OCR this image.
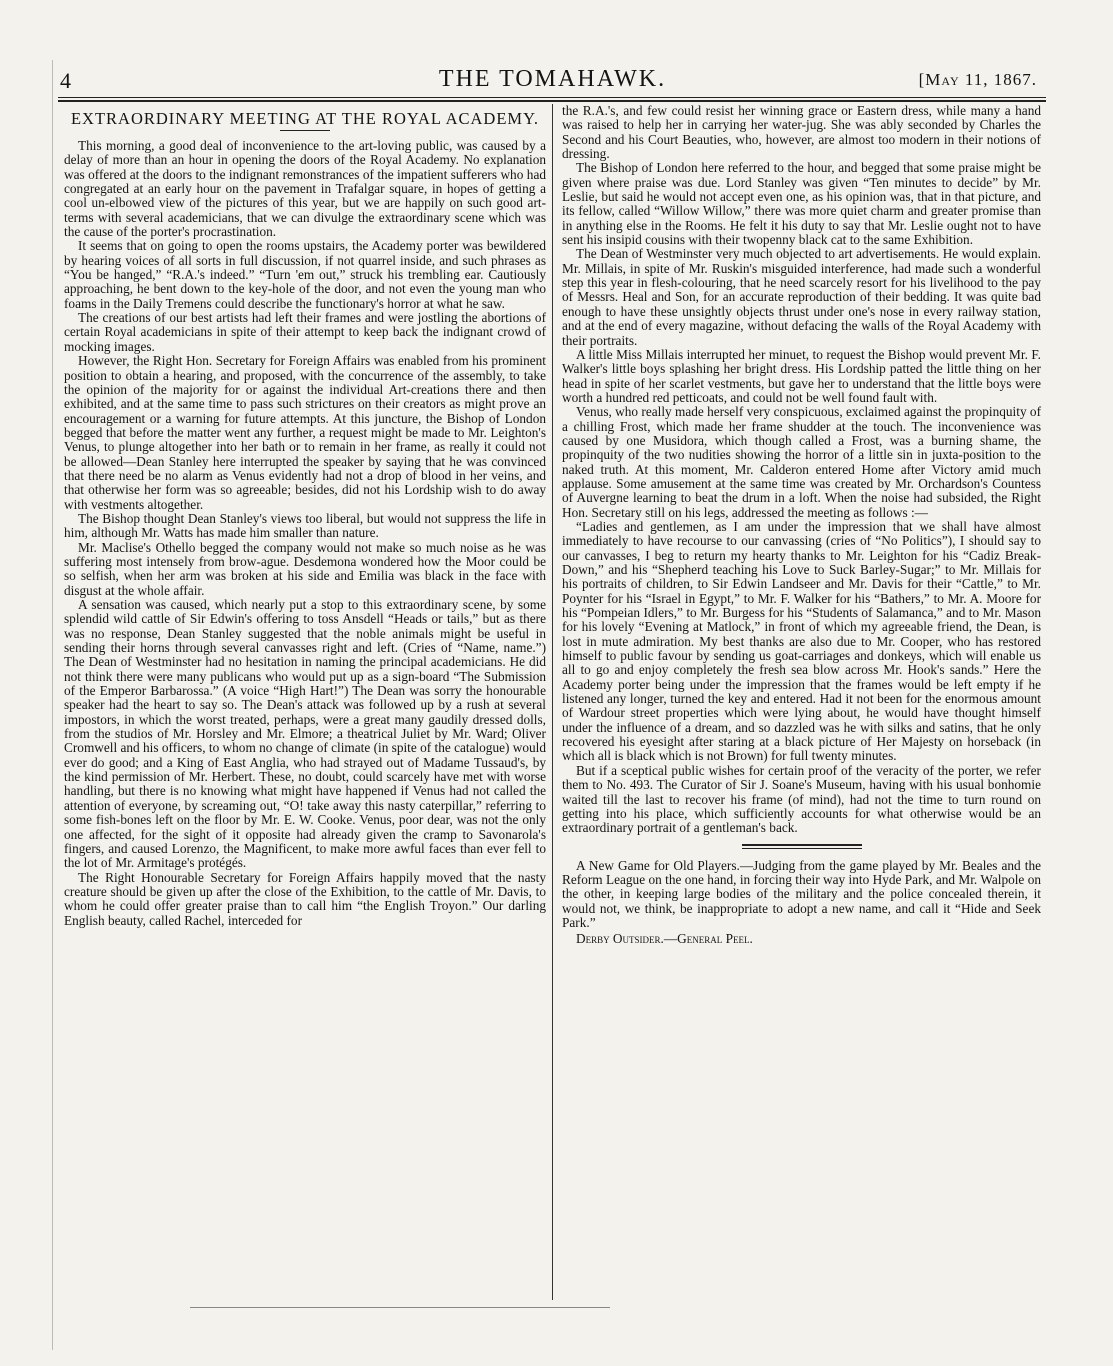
4	THE TOMAHAWK.	[May 11, 1867.
EXTRAORDINARY MEETING AT THE ROYAL ACADEMY.

This morning, a good deal of inconvenience to the art-loving public, was caused by a delay of more than an hour in opening the doors of the Royal Academy. No explanation was offered at the doors to the indignant remonstrances of the impatient sufferers who had congregated at an early hour on the pavement in Trafalgar square, in hopes of getting a cool un-elbowed view of the pictures of this year, but we are happily on such good art-terms with several academicians, that we can divulge the extraordinary scene which was the cause of the porter's procrastination.

It seems that on going to open the rooms upstairs, the Academy porter was bewildered by hearing voices of all sorts in full discussion, if not quarrel inside, and such phrases as “You be hanged,” “R.A.'s indeed.” “Turn 'em out,” struck his trembling ear. Cautiously approaching, he bent down to the key-hole of the door, and not even the young man who foams in the Daily Tremens could describe the functionary's horror at what he saw.

The creations of our best artists had left their frames and were jostling the abortions of certain Royal academicians in spite of their attempt to keep back the indignant crowd of mocking images.

However, the Right Hon. Secretary for Foreign Affairs was enabled from his prominent position to obtain a hearing, and proposed, with the concurrence of the assembly, to take the opinion of the majority for or against the individual Art-creations there and then exhibited, and at the same time to pass such strictures on their creators as might prove an encouragement or a warning for future attempts. At this juncture, the Bishop of London begged that before the matter went any further, a request might be made to Mr. Leighton's Venus, to plunge altogether into her bath or to remain in her frame, as really it could not be allowed—Dean Stanley here interrupted the speaker by saying that he was convinced that there need be no alarm as Venus evidently had not a drop of blood in her veins, and that otherwise her form was so agreeable; besides, did not his Lordship wish to do away with vestments altogether.

The Bishop thought Dean Stanley's views too liberal, but would not suppress the life in him, although Mr. Watts has made him smaller than nature.

Mr. Maclise's Othello begged the company would not make so much noise as he was suffering most intensely from brow-ague. Desdemona wondered how the Moor could be so selfish, when her arm was broken at his side and Emilia was black in the face with disgust at the whole affair.

A sensation was caused, which nearly put a stop to this extraordinary scene, by some splendid wild cattle of Sir Edwin's offering to toss Ansdell “Heads or tails,” but as there was no response, Dean Stanley suggested that the noble animals might be useful in sending their horns through several canvasses right and left. (Cries of “Name, name.”) The Dean of Westminster had no hesitation in naming the principal academicians. He did not think there were many publicans who would put up as a sign-board “The Submission of the Emperor Barbarossa.” (A voice “High Hart!”) The Dean was sorry the honourable speaker had the heart to say so. The Dean's attack was followed up by a rush at several impostors, in which the worst treated, perhaps, were a great many gaudily dressed dolls, from the studios of Mr. Horsley and Mr. Elmore; a theatrical Juliet by Mr. Ward; Oliver Cromwell and his officers, to whom no change of climate (in spite of the catalogue) would ever do good; and a King of East Anglia, who had strayed out of Madame Tussaud's, by the kind permission of Mr. Herbert. These, no doubt, could scarcely have met with worse handling, but there is no knowing what might have happened if Venus had not called the attention of everyone, by screaming out, “O! take away this nasty caterpillar,” referring to some fish-bones left on the floor by Mr. E. W. Cooke. Venus, poor dear, was not the only one affected, for the sight of it opposite had already given the cramp to Savonarola's fingers, and caused Lorenzo, the Magnificent, to make more awful faces than ever fell to the lot of Mr. Armitage's protégés.

The Right Honourable Secretary for Foreign Affairs happily moved that the nasty creature should be given up after the close of the Exhibition, to the cattle of Mr. Davis, to whom he could offer greater praise than to call him “the English Troyon.” Our darling English beauty, called Rachel, interceded for

the R.A.'s, and few could resist her winning grace or Eastern dress, while many a hand was raised to help her in carrying her water-jug. She was ably seconded by Charles the Second and his Court Beauties, who, however, are almost too modern in their notions of dressing.

The Bishop of London here referred to the hour, and begged that some praise might be given where praise was due. Lord Stanley was given “Ten minutes to decide” by Mr. Leslie, but said he would not accept even one, as his opinion was, that in that picture, and its fellow, called “Willow Willow,” there was more quiet charm and greater promise than in anything else in the Rooms. He felt it his duty to say that Mr. Leslie ought not to have sent his insipid cousins with their twopenny black cat to the same Exhibition.

The Dean of Westminster very much objected to art advertisements. He would explain. Mr. Millais, in spite of Mr. Ruskin's misguided interference, had made such a wonderful step this year in flesh-colouring, that he need scarcely resort for his livelihood to the pay of Messrs. Heal and Son, for an accurate reproduction of their bedding. It was quite bad enough to have these unsightly objects thrust under one's nose in every railway station, and at the end of every magazine, without defacing the walls of the Royal Academy with their portraits.

A little Miss Millais interrupted her minuet, to request the Bishop would prevent Mr. F. Walker's little boys splashing her bright dress. His Lordship patted the little thing on her head in spite of her scarlet vestments, but gave her to understand that the little boys were worth a hundred red petticoats, and could not be well found fault with.

Venus, who really made herself very conspicuous, exclaimed against the propinquity of a chilling Frost, which made her frame shudder at the touch. The inconvenience was caused by one Musidora, which though called a Frost, was a burning shame, the propinquity of the two nudities showing the horror of a little sin in juxta-position to the naked truth. At this moment, Mr. Calderon entered Home after Victory amid much applause. Some amusement at the same time was created by Mr. Orchardson's Countess of Auvergne learning to beat the drum in a loft. When the noise had subsided, the Right Hon. Secretary still on his legs, addressed the meeting as follows :—

“Ladies and gentlemen, as I am under the impression that we shall have almost immediately to have recourse to our canvassing (cries of “No Politics”), I should say to our canvasses, I beg to return my hearty thanks to Mr. Leighton for his “Cadiz Break-Down,” and his “Shepherd teaching his Love to Suck Barley-Sugar;” to Mr. Millais for his portraits of children, to Sir Edwin Landseer and Mr. Davis for their “Cattle,” to Mr. Poynter for his “Israel in Egypt,” to Mr. F. Walker for his “Bathers,” to Mr. A. Moore for his “Pompeian Idlers,” to Mr. Burgess for his “Students of Salamanca,” and to Mr. Mason for his lovely “Evening at Matlock,” in front of which my agreeable friend, the Dean, is lost in mute admiration. My best thanks are also due to Mr. Cooper, who has restored himself to public favour by sending us goat-carriages and donkeys, which will enable us all to go and enjoy completely the fresh sea blow across Mr. Hook's sands.” Here the Academy porter being under the impression that the frames would be left empty if he listened any longer, turned the key and entered. Had it not been for the enormous amount of Wardour street properties which were lying about, he would have thought himself under the influence of a dream, and so dazzled was he with silks and satins, that he only recovered his eyesight after staring at a black picture of Her Majesty on horseback (in which all is black which is not Brown) for full twenty minutes.

But if a sceptical public wishes for certain proof of the veracity of the porter, we refer them to No. 493. The Curator of Sir J. Soane's Museum, having with his usual bonhomie waited till the last to recover his frame (of mind), had not the time to turn round on getting into his place, which sufficiently accounts for what otherwise would be an extraordinary portrait of a gentleman's back.

A New Game for Old Players.—Judging from the game played by Mr. Beales and the Reform League on the one hand, in forcing their way into Hyde Park, and Mr. Walpole on the other, in keeping large bodies of the military and the police concealed therein, it would not, we think, be inappropriate to adopt a new name, and call it “Hide and Seek Park.”

Derby Outsider.—General Peel.
